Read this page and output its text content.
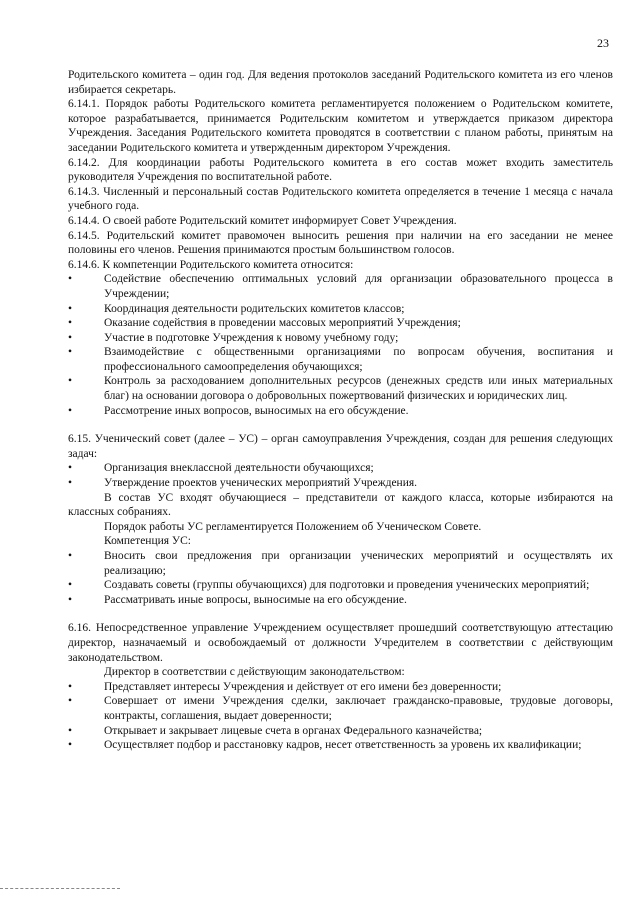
23

Родительского комитета – один год. Для ведения протоколов заседаний Родительского комитета из его членов избирается секретарь.

6.14.1. Порядок работы Родительского комитета регламентируется положением о Родительском комитете, которое разрабатывается, принимается Родительским комитетом и утверждается приказом директора Учреждения. Заседания Родительского комитета проводятся в соответствии с планом работы, принятым на заседании Родительского комитета и утвержденным директором Учреждения.

6.14.2. Для координации работы Родительского комитета в его состав может входить заместитель руководителя Учреждения по воспитательной работе.

6.14.3. Численный и персональный состав Родительского комитета определяется в течение 1 месяца с начала учебного года.

6.14.4. О своей работе Родительский комитет информирует Совет Учреждения.

6.14.5. Родительский комитет правомочен выносить решения при наличии на его заседании не менее половины его членов. Решения принимаются простым большинством голосов.

6.14.6. К компетенции Родительского комитета относится:

•	Содействие обеспечению оптимальных условий для организации образовательного процесса в Учреждении;
•	Координация деятельности родительских комитетов классов;
•	Оказание содействия в проведении массовых мероприятий Учреждения;
•	Участие в подготовке Учреждения к новому учебному году;
•	Взаимодействие с общественными организациями по вопросам обучения, воспитания и профессионального самоопределения обучающихся;
•	Контроль за расходованием дополнительных ресурсов (денежных средств или иных материальных благ) на основании договора о добровольных пожертвований физических и юридических лиц.
•	Рассмотрение иных вопросов, выносимых на его обсуждение.

6.15. Ученический совет (далее – УС) – орган самоуправления Учреждения, создан для решения следующих задач:

•	Организация внеклассной деятельности обучающихся;
•	Утверждение проектов ученических мероприятий Учреждения.

В состав УС входят обучающиеся – представители от каждого класса, которые избираются на классных собраниях.

Порядок работы УС регламентируется Положением об Ученическом Совете.

Компетенция УС:

•	Вносить свои предложения при организации ученических мероприятий и осуществлять их реализацию;
•	Создавать советы (группы обучающихся) для подготовки и проведения ученических мероприятий;
•	Рассматривать иные вопросы, выносимые на его обсуждение.

6.16. Непосредственное управление Учреждением осуществляет прошедший соответствующую аттестацию директор, назначаемый и освобождаемый от должности Учредителем в соответствии с действующим законодательством.

Директор в соответствии с действующим законодательством:

•	Представляет интересы Учреждения и действует от его имени без доверенности;
•	Совершает от имени Учреждения сделки, заключает гражданско-правовые, трудовые договоры, контракты, соглашения, выдает доверенности;
•	Открывает и закрывает лицевые счета в органах Федерального казначейства;
•	Осуществляет подбор и расстановку кадров, несет ответственность за уровень их квалификации;
